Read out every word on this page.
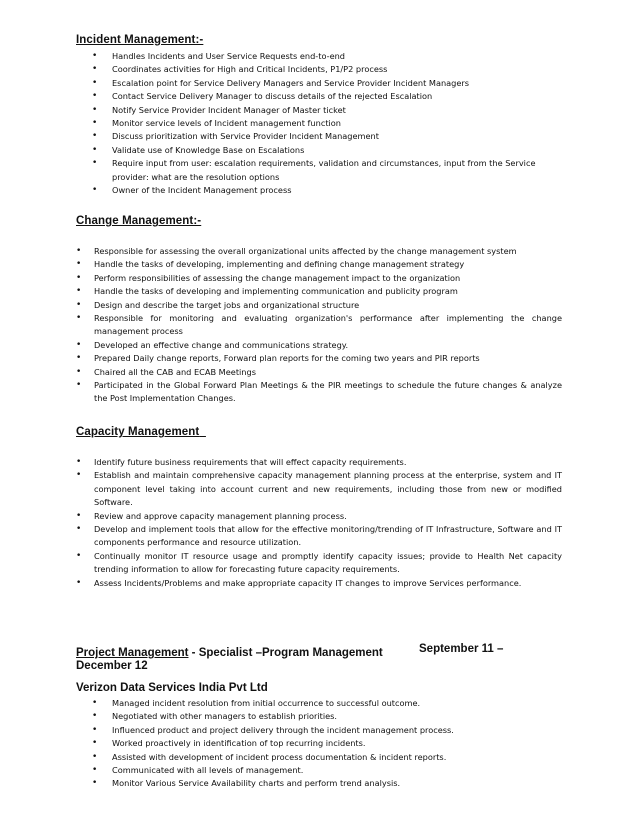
Incident Management:-
• Handles Incidents and User Service Requests end-to-end
• Coordinates activities for High and Critical Incidents, P1/P2 process
• Escalation point for Service Delivery Managers and Service Provider Incident Managers
• Contact Service Delivery Manager to discuss details of the rejected Escalation
• Notify Service Provider Incident Manager of Master ticket
• Monitor service levels of Incident management function
• Discuss prioritization with Service Provider Incident Management
• Validate use of Knowledge Base on Escalations
• Require input from user: escalation requirements, validation and circumstances, input from the Service provider: what are the resolution options
• Owner of the Incident Management process
Change Management:-
• Responsible for assessing the overall organizational units affected by the change management system
• Handle the tasks of developing, implementing and defining change management strategy
• Perform responsibilities of assessing the change management impact to the organization
• Handle the tasks of developing and implementing communication and publicity program
• Design and describe the target jobs and organizational structure
• Responsible for monitoring and evaluating organization's performance after implementing the change management process
• Developed an effective change and communications strategy.
• Prepared Daily change reports, Forward plan reports for the coming two years and PIR reports
• Chaired all the CAB and ECAB Meetings
• Participated in the Global Forward Plan Meetings & the PIR meetings to schedule the future changes & analyze the Post Implementation Changes.
Capacity Management
• Identify future business requirements that will effect capacity requirements.
• Establish and maintain comprehensive capacity management planning process at the enterprise, system and IT component level taking into account current and new requirements, including those from new or modified Software.
• Review and approve capacity management planning process.
• Develop and implement tools that allow for the effective monitoring/trending of IT Infrastructure, Software and IT components performance and resource utilization.
• Continually monitor IT resource usage and promptly identify capacity issues; provide to Health Net capacity trending information to allow for forecasting future capacity requirements.
• Assess Incidents/Problems and make appropriate capacity IT changes to improve Services performance.
Project Management - Specialist –Program Management	September 11 –
December 12
Verizon Data Services India Pvt Ltd
• Managed incident resolution from initial occurrence to successful outcome.
• Negotiated with other managers to establish priorities.
• Influenced product and project delivery through the incident management process.
• Worked proactively in identification of top recurring incidents.
• Assisted with development of incident process documentation & incident reports.
• Communicated with all levels of management.
• Monitor Various Service Availability charts and perform trend analysis.
